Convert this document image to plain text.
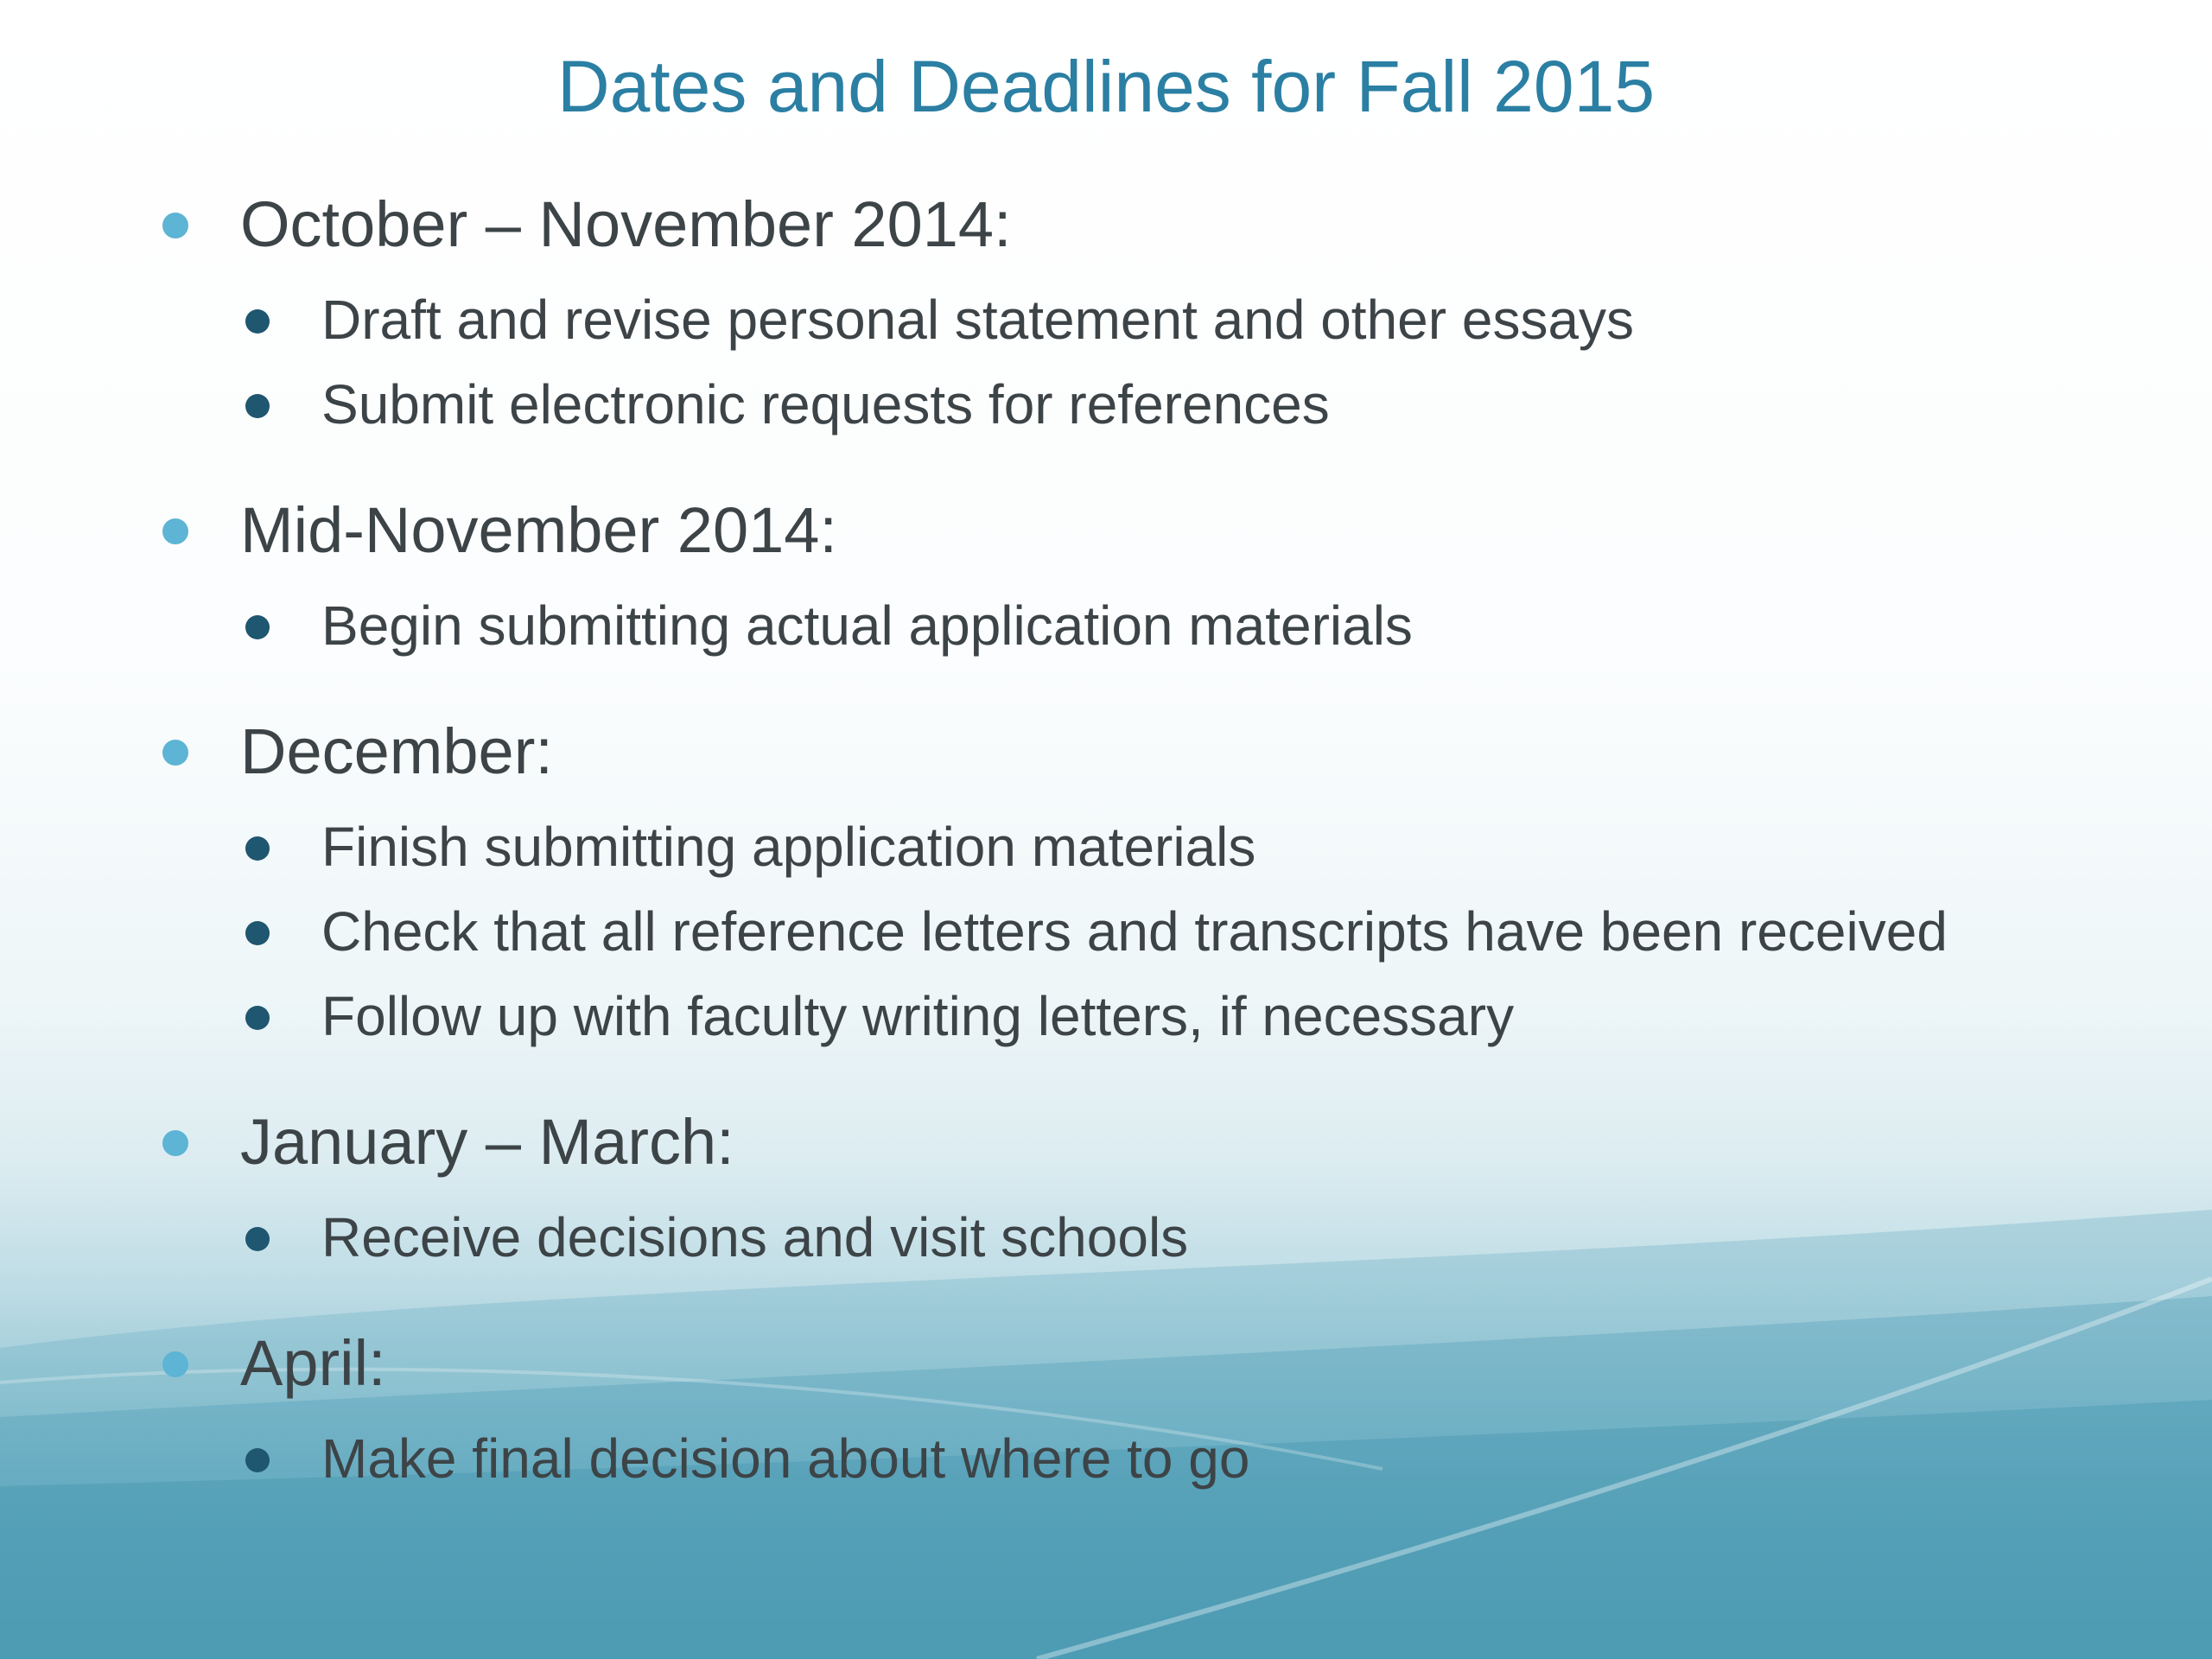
Dates and Deadlines for Fall 2015
October – November 2014:
Draft and revise personal statement and other essays
Submit electronic requests for references
Mid-November 2014:
Begin submitting actual application materials
December:
Finish submitting application materials
Check that all reference letters and transcripts have been received
Follow up with faculty writing letters, if necessary
January – March:
Receive decisions and visit schools
April:
Make final decision about where to go
